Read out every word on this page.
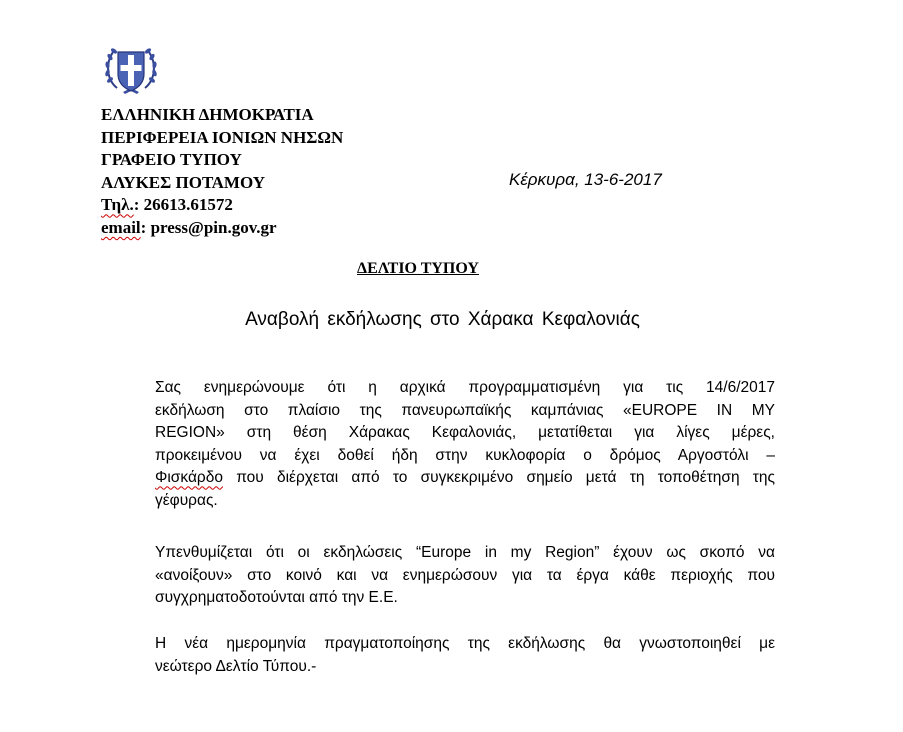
ΕΛΛΗΝΙΚΗ ΔΗΜΟΚΡΑΤΙΑ
ΠΕΡΙΦΕΡΕΙΑ ΙΟΝΙΩΝ ΝΗΣΩΝ
ΓΡΑΦΕΙΟ ΤΥΠΟΥ
ΑΛΥΚΕΣ ΠΟΤΑΜΟΥ
Τηλ.: 26613.61572
email: press@pin.gov.gr
Κέρκυρα, 13-6-2017
ΔΕΛΤΙΟ ΤΥΠΟΥ
Αναβολή εκδήλωσης στο Χάρακα Κεφαλονιάς
Σας ενημερώνουμε ότι η αρχικά προγραμματισμένη για τις 14/6/2017
εκδήλωση στο πλαίσιο της πανευρωπαϊκής καμπάνιας «EUROPE IN MY
REGION» στη θέση Χάρακας Κεφαλονιάς, μετατίθεται για λίγες μέρες,
προκειμένου να έχει δοθεί ήδη στην κυκλοφορία ο δρόμος Αργοστόλι –
Φισκάρδο που διέρχεται από το συγκεκριμένο σημείο μετά τη τοποθέτηση της
γέφυρας.
Υπενθυμίζεται ότι οι εκδηλώσεις “Europe in my Region” έχουν ως σκοπό να
«ανοίξουν» στο κοινό και να ενημερώσουν για τα έργα κάθε περιοχής που
συγχρηματοδοτούνται από την Ε.Ε.
Η νέα ημερομηνία πραγματοποίησης της εκδήλωσης θα γνωστοποιηθεί με
νεώτερο Δελτίο Τύπου.-
